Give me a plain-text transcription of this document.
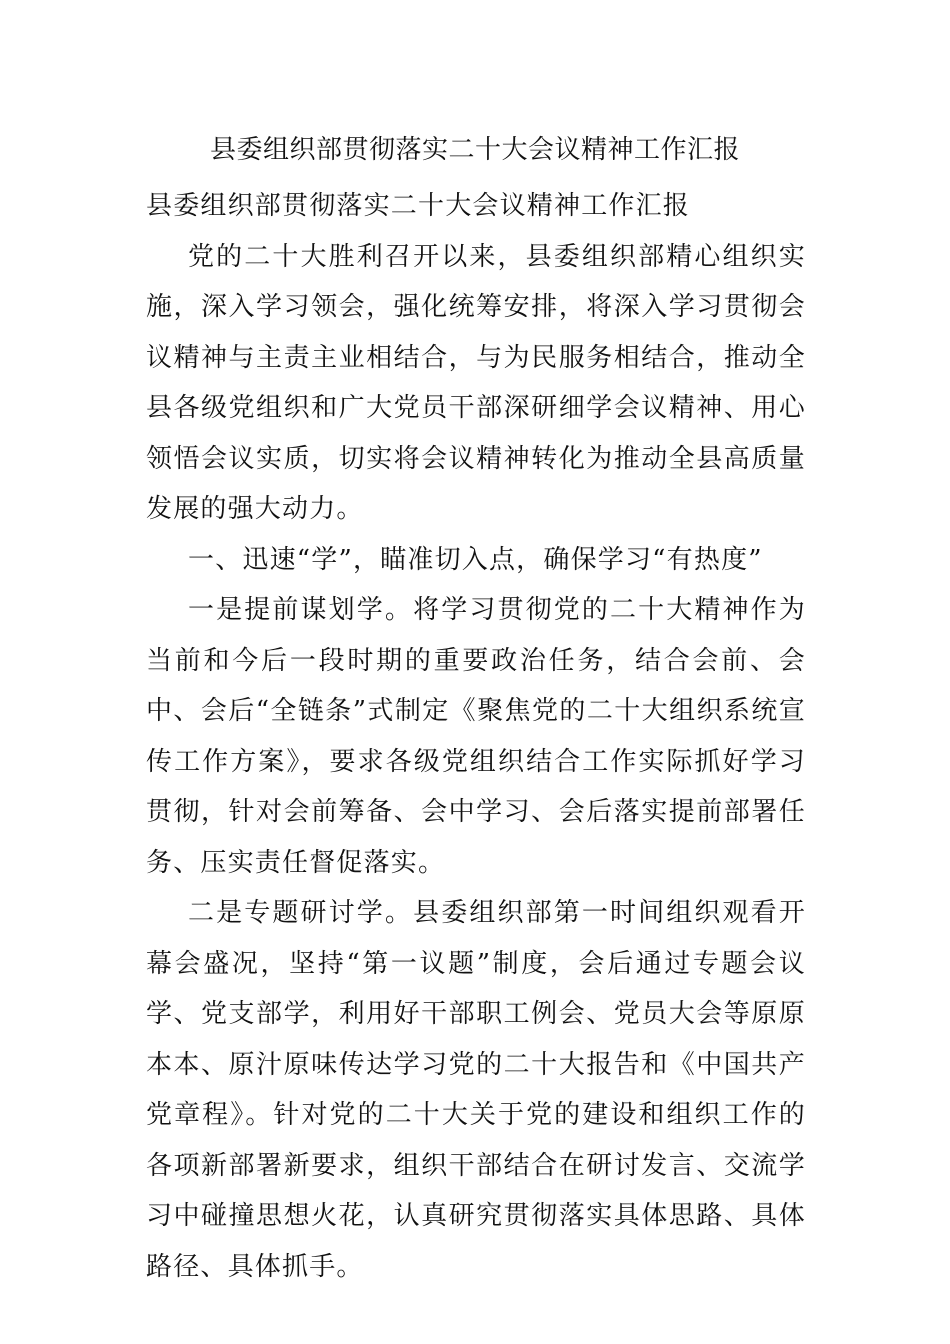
县委组织部贯彻落实二十大会议精神工作汇报

县委组织部贯彻落实二十大会议精神工作汇报

党的二十大胜利召开以来，县委组织部精心组织实施，深入学习领会，强化统筹安排，将深入学习贯彻会议精神与主责主业相结合，与为民服务相结合，推动全县各级党组织和广大党员干部深研细学会议精神、用心领悟会议实质，切实将会议精神转化为推动全县高质量发展的强大动力。

一、迅速“学”，瞄准切入点，确保学习“有热度”

一是提前谋划学。将学习贯彻党的二十大精神作为当前和今后一段时期的重要政治任务，结合会前、会中、会后“全链条”式制定《聚焦党的二十大组织系统宣传工作方案》，要求各级党组织结合工作实际抓好学习贯彻，针对会前筹备、会中学习、会后落实提前部署任务、压实责任督促落实。

二是专题研讨学。县委组织部第一时间组织观看开幕会盛况，坚持“第一议题”制度，会后通过专题会议学、党支部学，利用好干部职工例会、党员大会等原原本本、原汁原味传达学习党的二十大报告和《中国共产党章程》。针对党的二十大关于党的建设和组织工作的各项新部署新要求，组织干部结合在研讨发言、交流学习中碰撞思想火花，认真研究贯彻落实具体思路、具体路径、具体抓手。
